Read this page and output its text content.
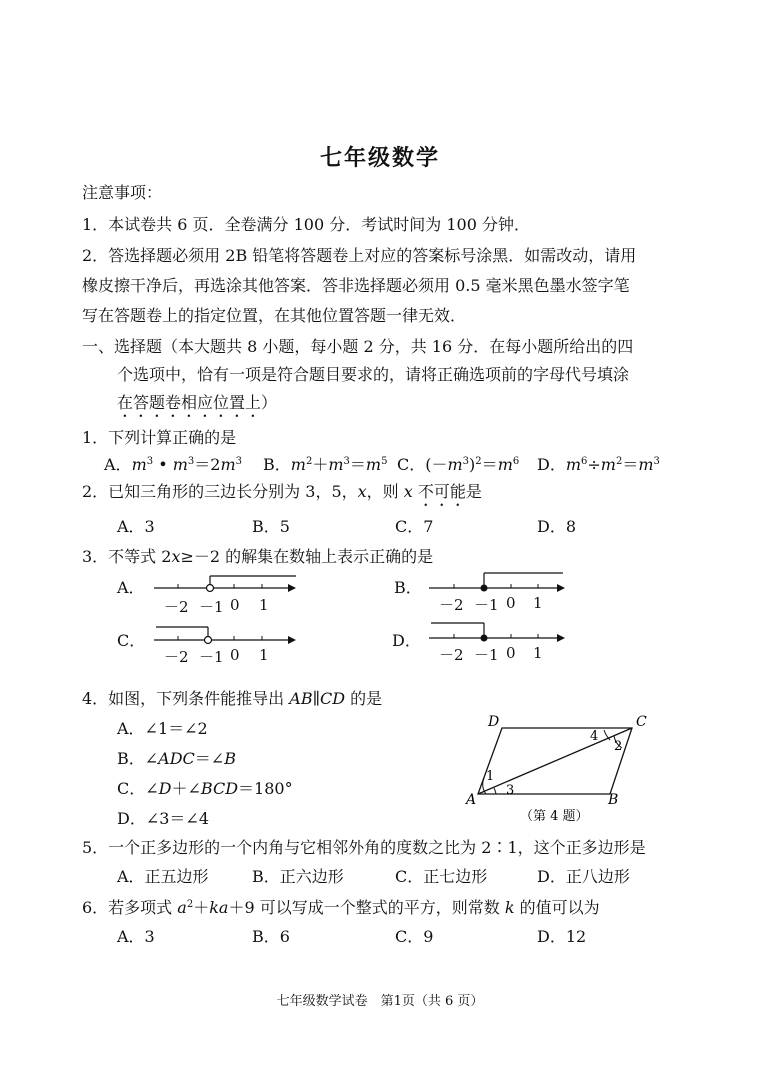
七年级数学
注意事项：
1．本试卷共 6 页．全卷满分 100 分．考试时间为 100 分钟．
2．答选择题必须用 2B 铅笔将答题卷上对应的答案标号涂黑．如需改动，请用
橡皮擦干净后，再选涂其他答案．答非选择题必须用 0.5 毫米黑色墨水签字笔
写在答题卷上的指定位置，在其他位置答题一律无效．
一、选择题（本大题共 8 小题，每小题 2 分，共 16 分．在每小题所给出的四
个选项中，恰有一项是符合题目要求的，请将正确选项前的字母代号填涂
在答题卷相应位置上）
1．下列计算正确的是
A．$m^3$ • $m^3=2m^3$ B．$m^2+m^3=m^5$ C．$(-m^3)^2=m^6$ D．$m^6\div m^2=m^3$
2．已知三角形的三边长分别为 3，5，x，则 x 不可能是
A．3	B．5	C．7	D．8
3．不等式 2x≥－2 的解集在数轴上表示正确的是
A．
－2 －1 0 1
B．
－2 －1 0 1
C．
－2 －1 0 1
D．
－2 －1 0 1
4．如图，下列条件能推导出 AB∥CD 的是
A．∠1＝∠2
B．∠ADC＝∠B
C．∠D＋∠BCD＝180°
D．∠3＝∠4
A	B
C
D
1
2
3
4
（第 4 题）
5．一个正多边形的一个内角与它相邻外角的度数之比为 2∶1，这个正多边形是
A．正五边形	B．正六边形	C．正七边形	D．正八边形
6．若多项式 $a^2+ka+9$ 可以写成一个整式的平方，则常数 k 的值可以为
A．3	B．6	C．9	D．12
七年级数学试卷　第1页（共 6 页）
